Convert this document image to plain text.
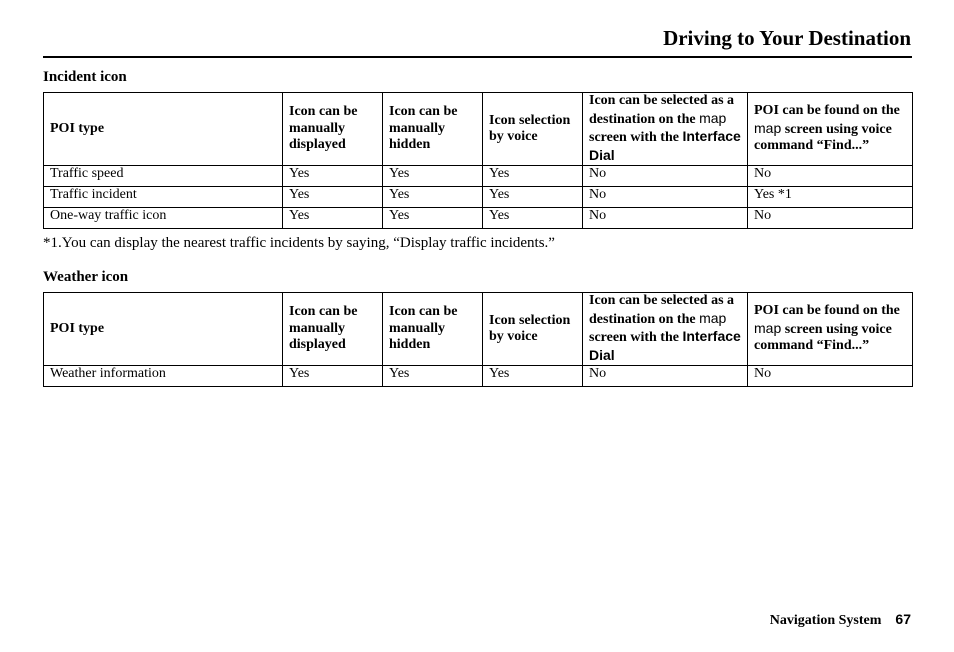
Driving to Your Destination
Incident icon
POI type	Icon can be manually displayed	Icon can be manually hidden	Icon selection by voice	Icon can be selected as a destination on the map screen with the Interface Dial	POI can be found on the map screen using voice command “Find...”
Traffic speed	Yes	Yes	Yes	No	No
Traffic incident	Yes	Yes	Yes	No	Yes *1
One-way traffic icon	Yes	Yes	Yes	No	No
*1.You can display the nearest traffic incidents by saying, “Display traffic incidents.”
Weather icon
POI type	Icon can be manually displayed	Icon can be manually hidden	Icon selection by voice	Icon can be selected as a destination on the map screen with the Interface Dial	POI can be found on the map screen using voice command “Find...”
Weather information	Yes	Yes	Yes	No	No
Navigation System 67
